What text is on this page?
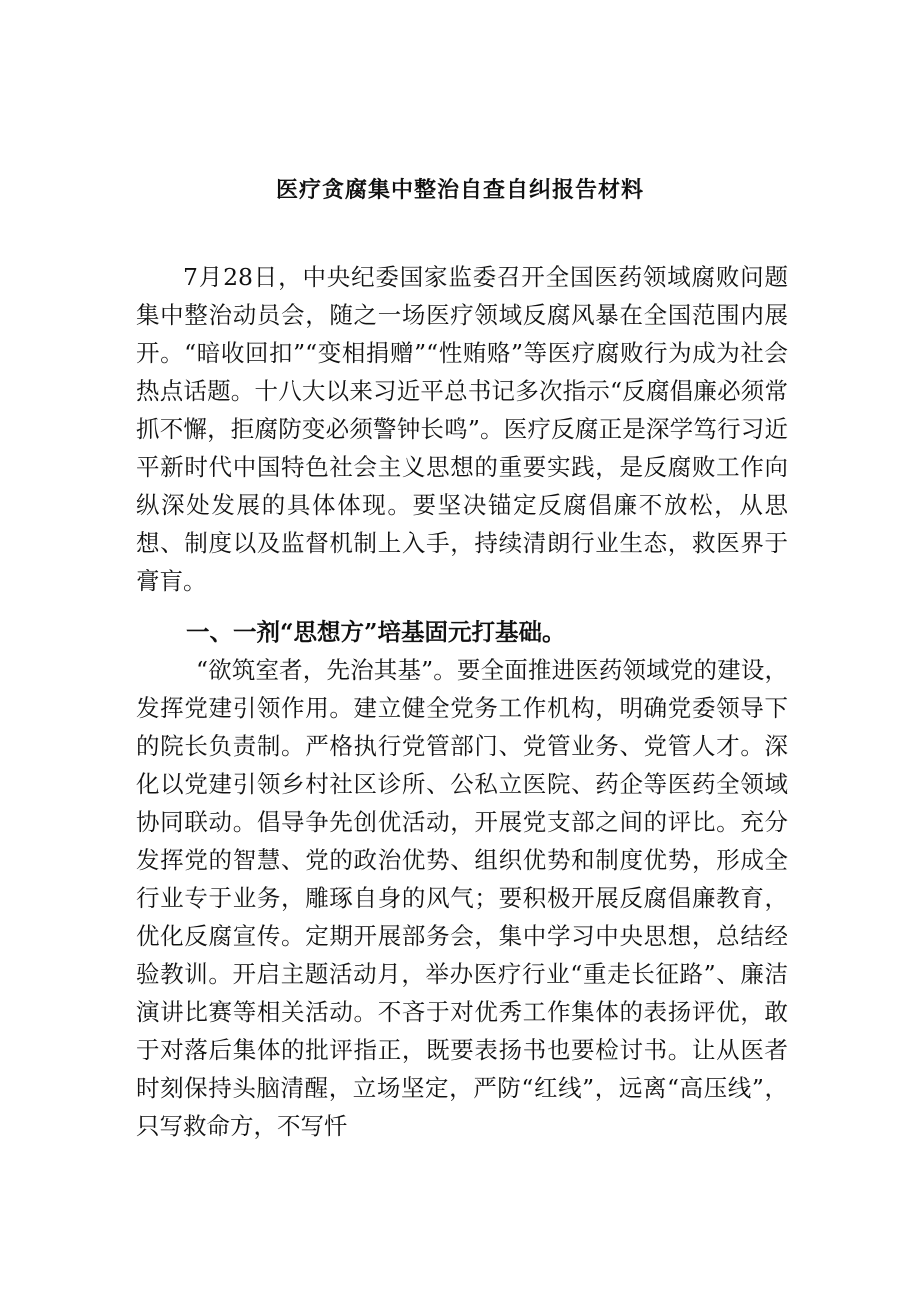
医疗贪腐集中整治自查自纠报告材料

7月28日，中央纪委国家监委召开全国医药领域腐败问题集中整治动员会，随之一场医疗领域反腐风暴在全国范围内展开。“暗收回扣”“变相捐赠”“性贿赂”等医疗腐败行为成为社会热点话题。十八大以来习近平总书记多次指示“反腐倡廉必须常抓不懈，拒腐防变必须警钟长鸣”。医疗反腐正是深学笃行习近平新时代中国特色社会主义思想的重要实践，是反腐败工作向纵深处发展的具体体现。要坚决锚定反腐倡廉不放松，从思想、制度以及监督机制上入手，持续清朗行业生态，救医界于膏肓。

一、一剂“思想方”培基固元打基础。

“欲筑室者，先治其基”。要全面推进医药领域党的建设，发挥党建引领作用。建立健全党务工作机构，明确党委领导下的院长负责制。严格执行党管部门、党管业务、党管人才。深化以党建引领乡村社区诊所、公私立医院、药企等医药全领域协同联动。倡导争先创优活动，开展党支部之间的评比。充分发挥党的智慧、党的政治优势、组织优势和制度优势，形成全行业专于业务，雕琢自身的风气；要积极开展反腐倡廉教育，优化反腐宣传。定期开展部务会，集中学习中央思想，总结经验教训。开启主题活动月，举办医疗行业“重走长征路”、廉洁演讲比赛等相关活动。不吝于对优秀工作集体的表扬评优，敢于对落后集体的批评指正，既要表扬书也要检讨书。让从医者时刻保持头脑清醒，立场坚定，严防“红线”，远离“高压线”，只写救命方，不写忏
